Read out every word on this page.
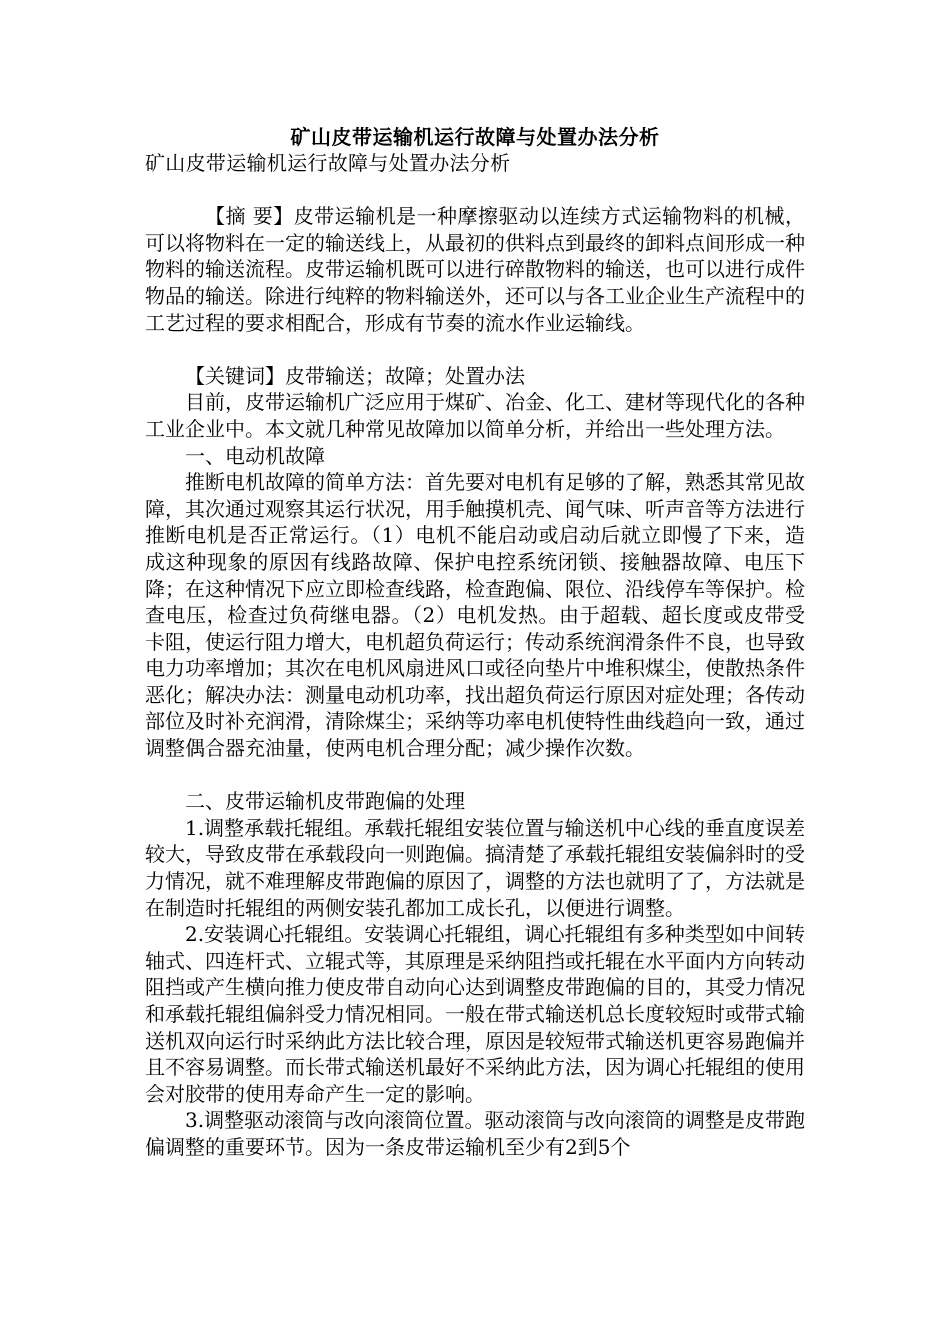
矿山皮带运输机运行故障与处置办法分析

矿山皮带运输机运行故障与处置办法分析

【摘 要】皮带运输机是一种摩擦驱动以连续方式运输物料的机械，可以将物料在一定的输送线上，从最初的供料点到最终的卸料点间形成一种物料的输送流程。皮带运输机既可以进行碎散物料的输送，也可以进行成件物品的输送。除进行纯粹的物料输送外，还可以与各工业企业生产流程中的工艺过程的要求相配合，形成有节奏的流水作业运输线。

【关键词】皮带输送；故障；处置办法

目前，皮带运输机广泛应用于煤矿、冶金、化工、建材等现代化的各种工业企业中。本文就几种常见故障加以简单分析，并给出一些处理方法。

一、电动机故障

推断电机故障的简单方法：首先要对电机有足够的了解，熟悉其常见故障，其次通过观察其运行状况，用手触摸机壳、闻气味、听声音等方法进行推断电机是否正常运行。（1）电机不能启动或启动后就立即慢了下来，造成这种现象的原因有线路故障、保护电控系统闭锁、接触器故障、电压下降；在这种情况下应立即检查线路，检查跑偏、限位、沿线停车等保护。检查电压，检查过负荷继电器。（2）电机发热。由于超载、超长度或皮带受卡阻，使运行阻力增大，电机超负荷运行；传动系统润滑条件不良，也导致电力功率增加；其次在电机风扇进风口或径向垫片中堆积煤尘，使散热条件恶化；解决办法：测量电动机功率，找出超负荷运行原因对症处理；各传动部位及时补充润滑，清除煤尘；采纳等功率电机使特性曲线趋向一致，通过调整偶合器充油量，使两电机合理分配；减少操作次数。

二、皮带运输机皮带跑偏的处理

1.调整承载托辊组。承载托辊组安装位置与输送机中心线的垂直度误差较大，导致皮带在承载段向一则跑偏。搞清楚了承载托辊组安装偏斜时的受力情况，就不难理解皮带跑偏的原因了，调整的方法也就明了了，方法就是在制造时托辊组的两侧安装孔都加工成长孔，以便进行调整。

2.安装调心托辊组。安装调心托辊组，调心托辊组有多种类型如中间转轴式、四连杆式、立辊式等，其原理是采纳阻挡或托辊在水平面内方向转动阻挡或产生横向推力使皮带自动向心达到调整皮带跑偏的目的，其受力情况和承载托辊组偏斜受力情况相同。一般在带式输送机总长度较短时或带式输送机双向运行时采纳此方法比较合理，原因是较短带式输送机更容易跑偏并且不容易调整。而长带式输送机最好不采纳此方法，因为调心托辊组的使用会对胶带的使用寿命产生一定的影响。

3.调整驱动滚筒与改向滚筒位置。驱动滚筒与改向滚筒的调整是皮带跑偏调整的重要环节。因为一条皮带运输机至少有2到5个
